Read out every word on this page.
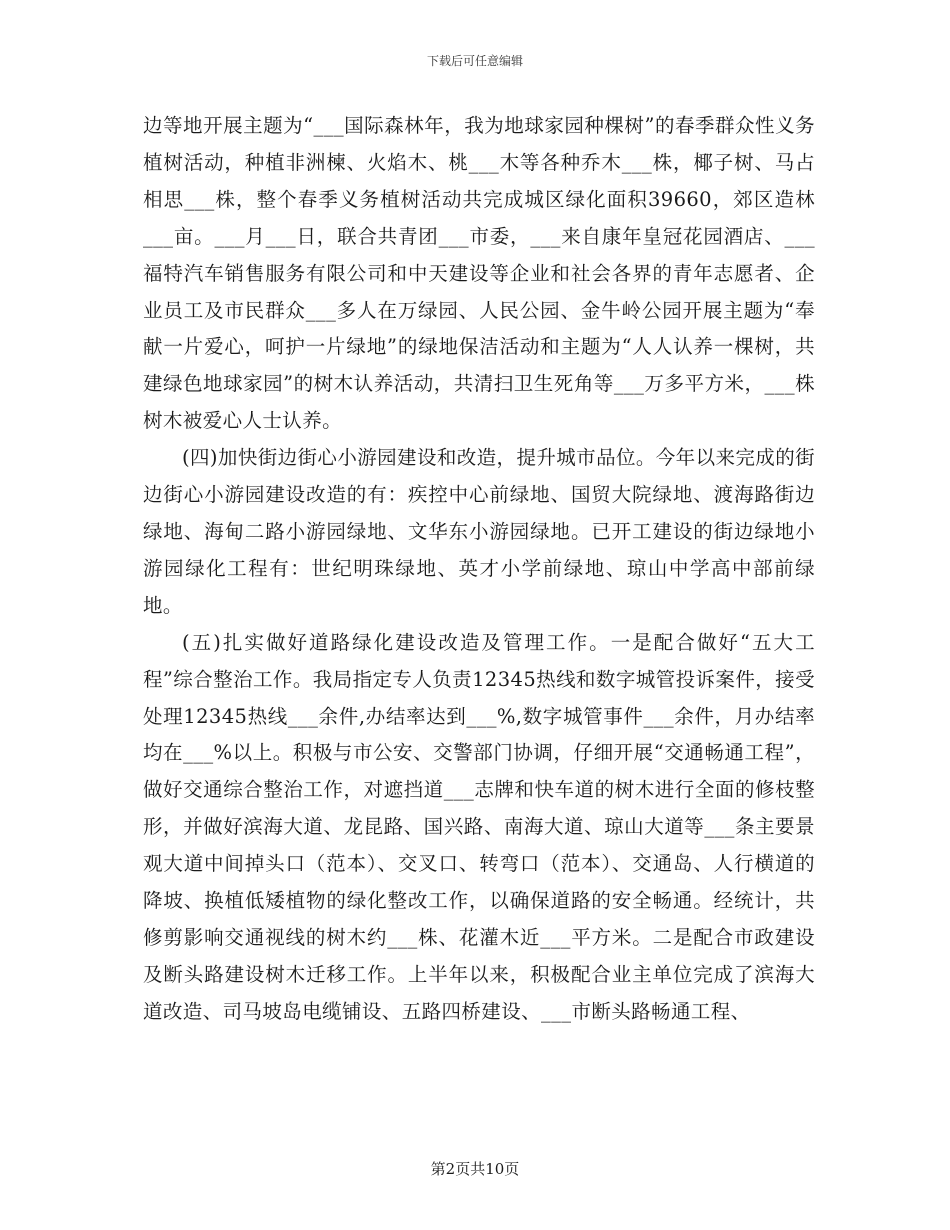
下载后可任意编辑

边等地开展主题为“___国际森林年，我为地球家园种棵树”的春季群众性义务植树活动，种植非洲楝、火焰木、桃___木等各种乔木___株，椰子树、马占相思___株，整个春季义务植树活动共完成城区绿化面积39660，郊区造林___亩。___月___日，联合共青团___市委，___来自康年皇冠花园酒店、___福特汽车销售服务有限公司和中天建设等企业和社会各界的青年志愿者、企业员工及市民群众___多人在万绿园、人民公园、金牛岭公园开展主题为“奉献一片爱心，呵护一片绿地”的绿地保洁活动和主题为“人人认养一棵树，共建绿色地球家园”的树木认养活动，共清扫卫生死角等___万多平方米，___株树木被爱心人士认养。

(四)加快街边街心小游园建设和改造，提升城市品位。今年以来完成的街边街心小游园建设改造的有：疾控中心前绿地、国贸大院绿地、渡海路街边绿地、海甸二路小游园绿地、文华东小游园绿地。已开工建设的街边绿地小游园绿化工程有：世纪明珠绿地、英才小学前绿地、琼山中学高中部前绿地。

(五)扎实做好道路绿化建设改造及管理工作。一是配合做好“五大工程”综合整治工作。我局指定专人负责12345热线和数字城管投诉案件，接受处理12345热线___余件,办结率达到___%,数字城管事件___余件，月办结率均在___%以上。积极与市公安、交警部门协调，仔细开展“交通畅通工程”，做好交通综合整治工作，对遮挡道___志牌和快车道的树木进行全面的修枝整形，并做好滨海大道、龙昆路、国兴路、南海大道、琼山大道等___条主要景观大道中间掉头口（范本）、交叉口、转弯口（范本）、交通岛、人行横道的降坡、换植低矮植物的绿化整改工作，以确保道路的安全畅通。经统计，共修剪影响交通视线的树木约___株、花灌木近___平方米。二是配合市政建设及断头路建设树木迁移工作。上半年以来，积极配合业主单位完成了滨海大道改造、司马坡岛电缆铺设、五路四桥建设、___市断头路畅通工程、

第2页共10页
